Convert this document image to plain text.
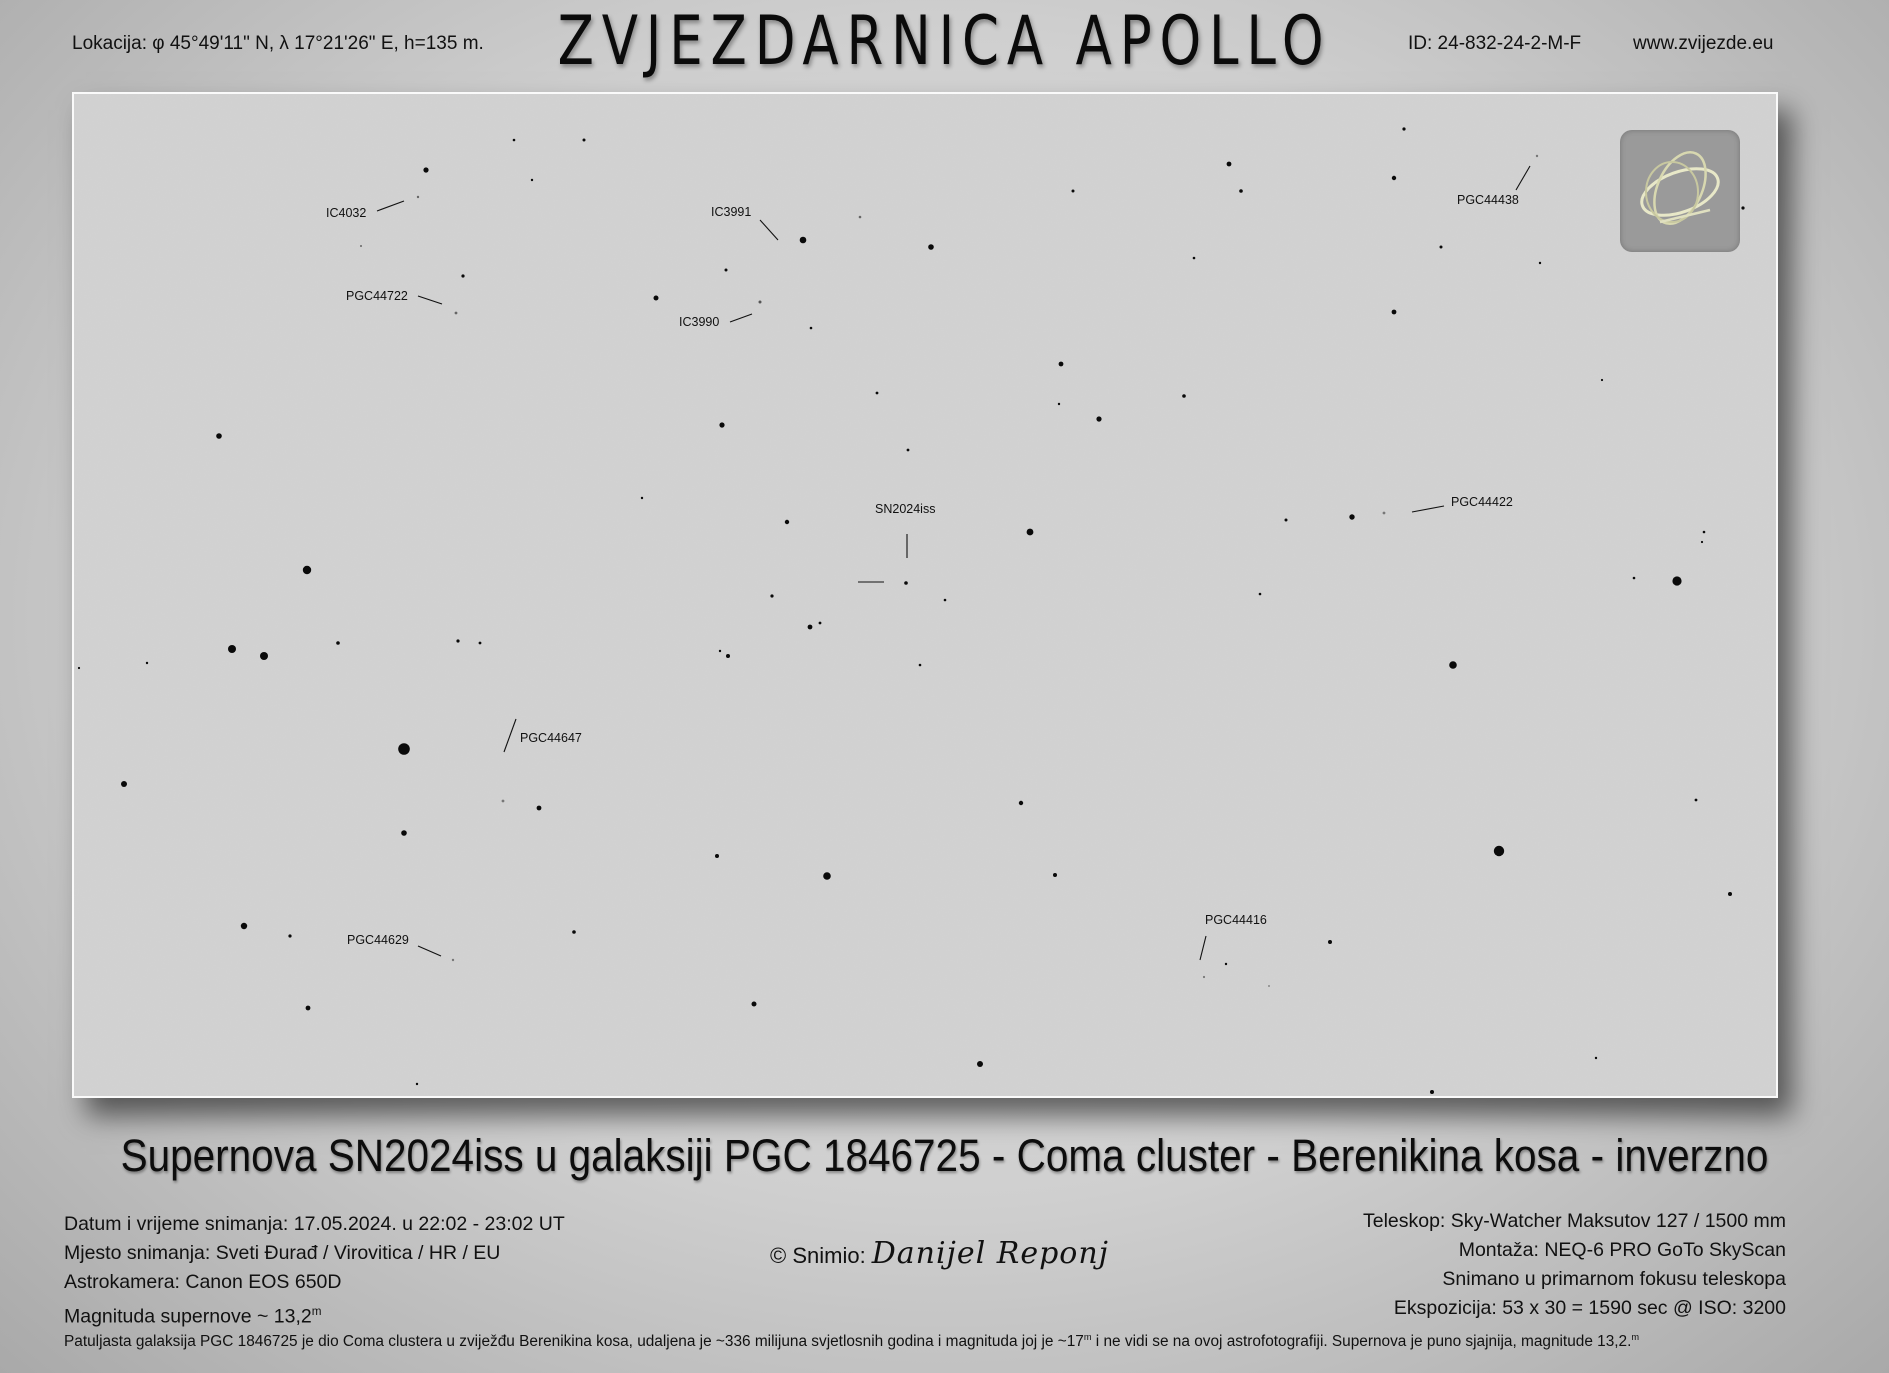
Lokacija: φ 45°49'11" N, λ 17°21'26" E, h=135 m.	ZVJEZDARNICA APOLLO	ID: 24-832-24-2-M-F	www.zvijezde.eu
IC4032	IC3991
PGC44722
IC3990
PGC44438
SN2024iss	PGC44422
PGC44647
PGC44629
PGC44416
Supernova SN2024iss u galaksiji PGC 1846725 - Coma cluster - Berenikina kosa - inverzno
Datum i vrijeme snimanja: 17.05.2024. u 22:02 - 23:02 UT
Mjesto snimanja: Sveti Đurađ / Virovitica / HR / EU
Astrokamera: Canon EOS 650D
Magnituda supernove ~ 13,2$^m$
© Snimio: Danijel Reponj
Teleskop: Sky-Watcher Maksutov 127 / 1500 mm
Montaža: NEQ-6 PRO GoTo SkyScan
Snimano u primarnom fokusu teleskopa
Ekspozicija: 53 x 30 = 1590 sec @ ISO: 3200
Patuljasta galaksija PGC 1846725 je dio Coma clustera u zviježđu Berenikina kosa, udaljena je ~336 milijuna svjetlosnih godina i magnituda joj je ~17$^m$ i ne vidi se na ovoj astrofotografiji. Supernova je puno sjajnija, magnitude 13,2.$^m$
